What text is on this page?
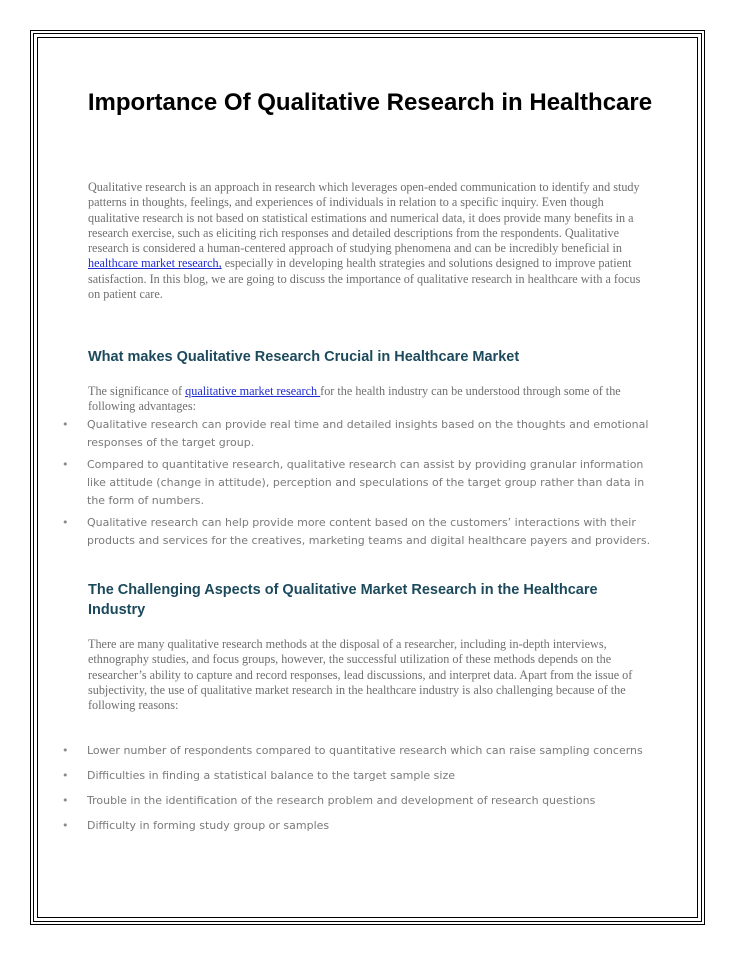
Importance Of Qualitative Research in Healthcare

Qualitative research is an approach in research which leverages open-ended communication to identify and study patterns in thoughts, feelings, and experiences of individuals in relation to a specific inquiry. Even though qualitative research is not based on statistical estimations and numerical data, it does provide many benefits in a research exercise, such as eliciting rich responses and detailed descriptions from the respondents. Qualitative research is considered a human-centered approach of studying phenomena and can be incredibly beneficial in healthcare market research, especially in developing health strategies and solutions designed to improve patient satisfaction. In this blog, we are going to discuss the importance of qualitative research in healthcare with a focus on patient care.

What makes Qualitative Research Crucial in Healthcare Market

The significance of qualitative market research for the health industry can be understood through some of the following advantages:

• Qualitative research can provide real time and detailed insights based on the thoughts and emotional responses of the target group.
• Compared to quantitative research, qualitative research can assist by providing granular information like attitude (change in attitude), perception and speculations of the target group rather than data in the form of numbers.
• Qualitative research can help provide more content based on the customers’ interactions with their products and services for the creatives, marketing teams and digital healthcare payers and providers.
The Challenging Aspects of Qualitative Market Research in the Healthcare Industry

There are many qualitative research methods at the disposal of a researcher, including in-depth interviews, ethnography studies, and focus groups, however, the successful utilization of these methods depends on the researcher’s ability to capture and record responses, lead discussions, and interpret data. Apart from the issue of subjectivity, the use of qualitative market research in the healthcare industry is also challenging because of the following reasons:

• Lower number of respondents compared to quantitative research which can raise sampling concerns
• Difficulties in finding a statistical balance to the target sample size
• Trouble in the identification of the research problem and development of research questions
• Difficulty in forming study group or samples
